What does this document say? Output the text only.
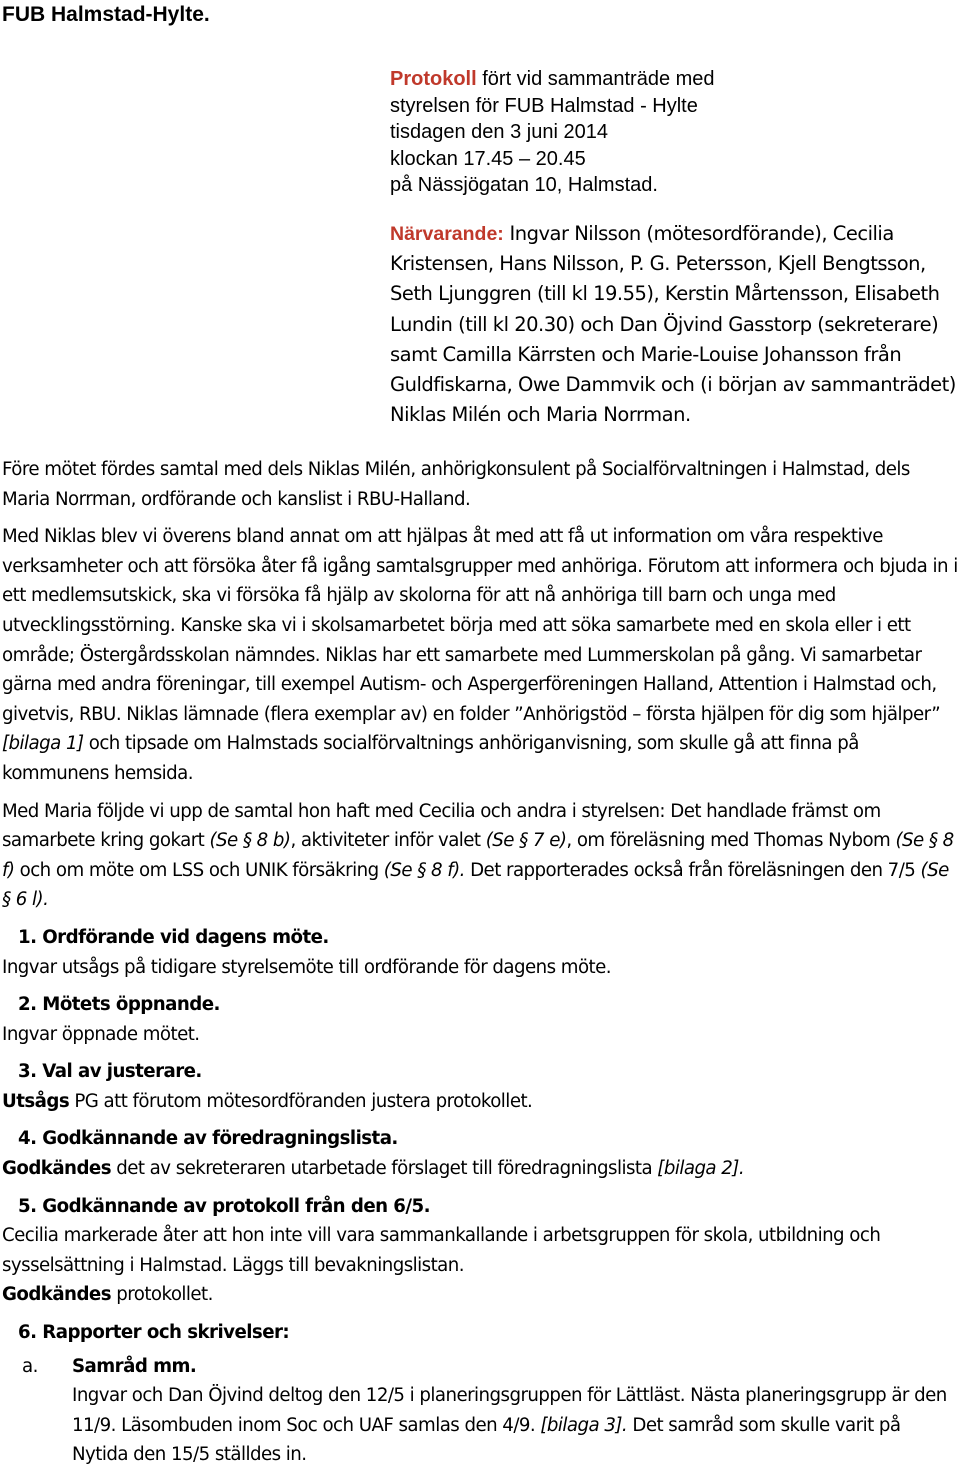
FUB Halmstad-Hylte.

Protokoll fört vid sammanträde med

styrelsen för FUB Halmstad - Hylte

tisdagen den 3 juni 2014

klockan 17.45 – 20.45

på Nässjögatan 10, Halmstad.

Närvarande: Ingvar Nilsson (mötesordförande), Cecilia Kristensen, Hans Nilsson, P. G. Petersson, Kjell Bengtsson, Seth Ljunggren (till kl 19.55), Kerstin Mårtensson, Elisabeth Lundin (till kl 20.30) och Dan Öjvind Gasstorp (sekreterare) samt Camilla Kärrsten och Marie-Louise Johansson från Guldfiskarna, Owe Dammvik och (i början av sammanträdet) Niklas Milén och Maria Norrman.

Före mötet fördes samtal med dels Niklas Milén, anhörigkonsulent på Socialförvaltningen i Halmstad, dels Maria Norrman, ordförande och kanslist i RBU-Halland.

Med Niklas blev vi överens bland annat om att hjälpas åt med att få ut information om våra respektive verksamheter och att försöka åter få igång samtalsgrupper med anhöriga. Förutom att informera och bjuda in i ett medlemsutskick, ska vi försöka få hjälp av skolorna för att nå anhöriga till barn och unga med utvecklingsstörning. Kanske ska vi i skolsamarbetet börja med att söka samarbete med en skola eller i ett område; Östergårdsskolan nämndes. Niklas har ett samarbete med Lummerskolan på gång. Vi samarbetar gärna med andra föreningar, till exempel Autism- och Aspergerföreningen Halland, Attention i Halmstad och, givetvis, RBU. Niklas lämnade (flera exemplar av) en folder ”Anhörigstöd – första hjälpen för dig som hjälper” [bilaga 1] och tipsade om Halmstads socialförvaltnings anhöriganvisning, som skulle gå att finna på kommunens hemsida.

Med Maria följde vi upp de samtal hon haft med Cecilia och andra i styrelsen: Det handlade främst om samarbete kring gokart (Se § 8 b), aktiviteter inför valet (Se § 7 e), om föreläsning med Thomas Nybom (Se § 8 f) och om möte om LSS och UNIK försäkring (Se § 8 f). Det rapporterades också från föreläsningen den 7/5 (Se § 6 l).

1. Ordförande vid dagens möte.
Ingvar utsågs på tidigare styrelsemöte till ordförande för dagens möte.
2. Mötets öppnande.
Ingvar öppnade mötet.
3. Val av justerare.
Utsågs PG att förutom mötesordföranden justera protokollet.
4. Godkännande av föredragningslista.
Godkändes det av sekreteraren utarbetade förslaget till föredragningslista [bilaga 2].
5. Godkännande av protokoll från den 6/5.
Cecilia markerade åter att hon inte vill vara sammankallande i arbetsgruppen för skola, utbildning och sysselsättning i Halmstad. Läggs till bevakningslistan.
Godkändes protokollet.
6. Rapporter och skrivelser:
a. Samråd mm.
Ingvar och Dan Öjvind deltog den 12/5 i planeringsgruppen för Lättläst. Nästa planeringsgrupp är den 11/9. Läsombuden inom Soc och UAF samlas den 4/9. [bilaga 3]. Det samråd som skulle varit på Nytida den 15/5 ställdes in.
